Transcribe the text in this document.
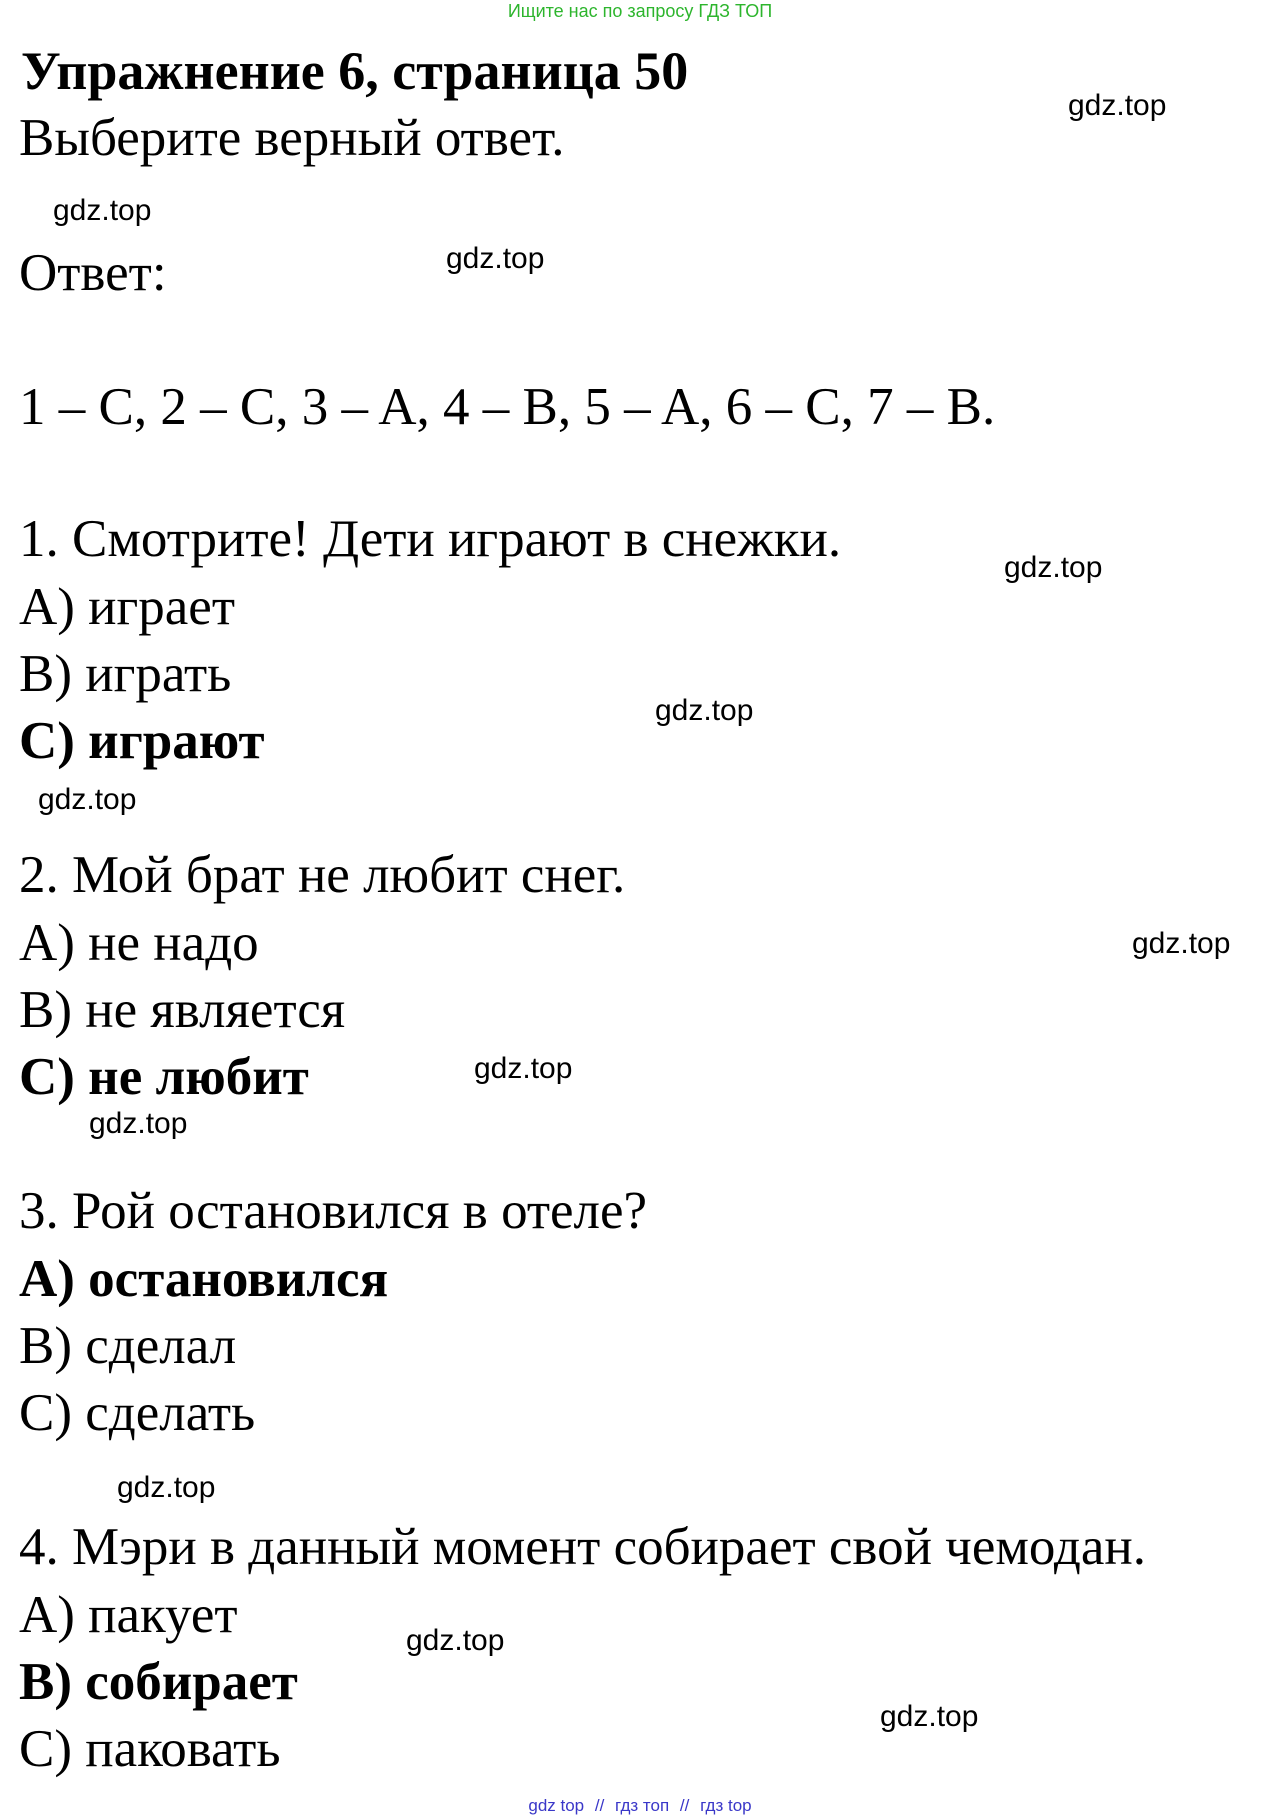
Ищите нас по запросу ГДЗ ТОП
Упражнение 6, страница 50
Выберите верный ответ.
Ответ:
1 – C, 2 – C, 3 – A, 4 – B, 5 – A, 6 – C, 7 – B.
1. Смотрите! Дети играют в снежки.
A) играет
B) играть
C) играют
2. Мой брат не любит снег.
A) не надо
B) не является
C) не любит
3. Рой остановился в отеле?
A) остановился
B) сделал
C) сделать
4. Мэри в данный момент собирает свой чемодан.
A) пакует
B) собирает
C) паковать
gdz.top
gdz.top
gdz.top
gdz.top
gdz.top
gdz.top
gdz.top
gdz.top
gdz.top
gdz.top
gdz.top
gdz.top
gdz top // гдз топ // гдз top
